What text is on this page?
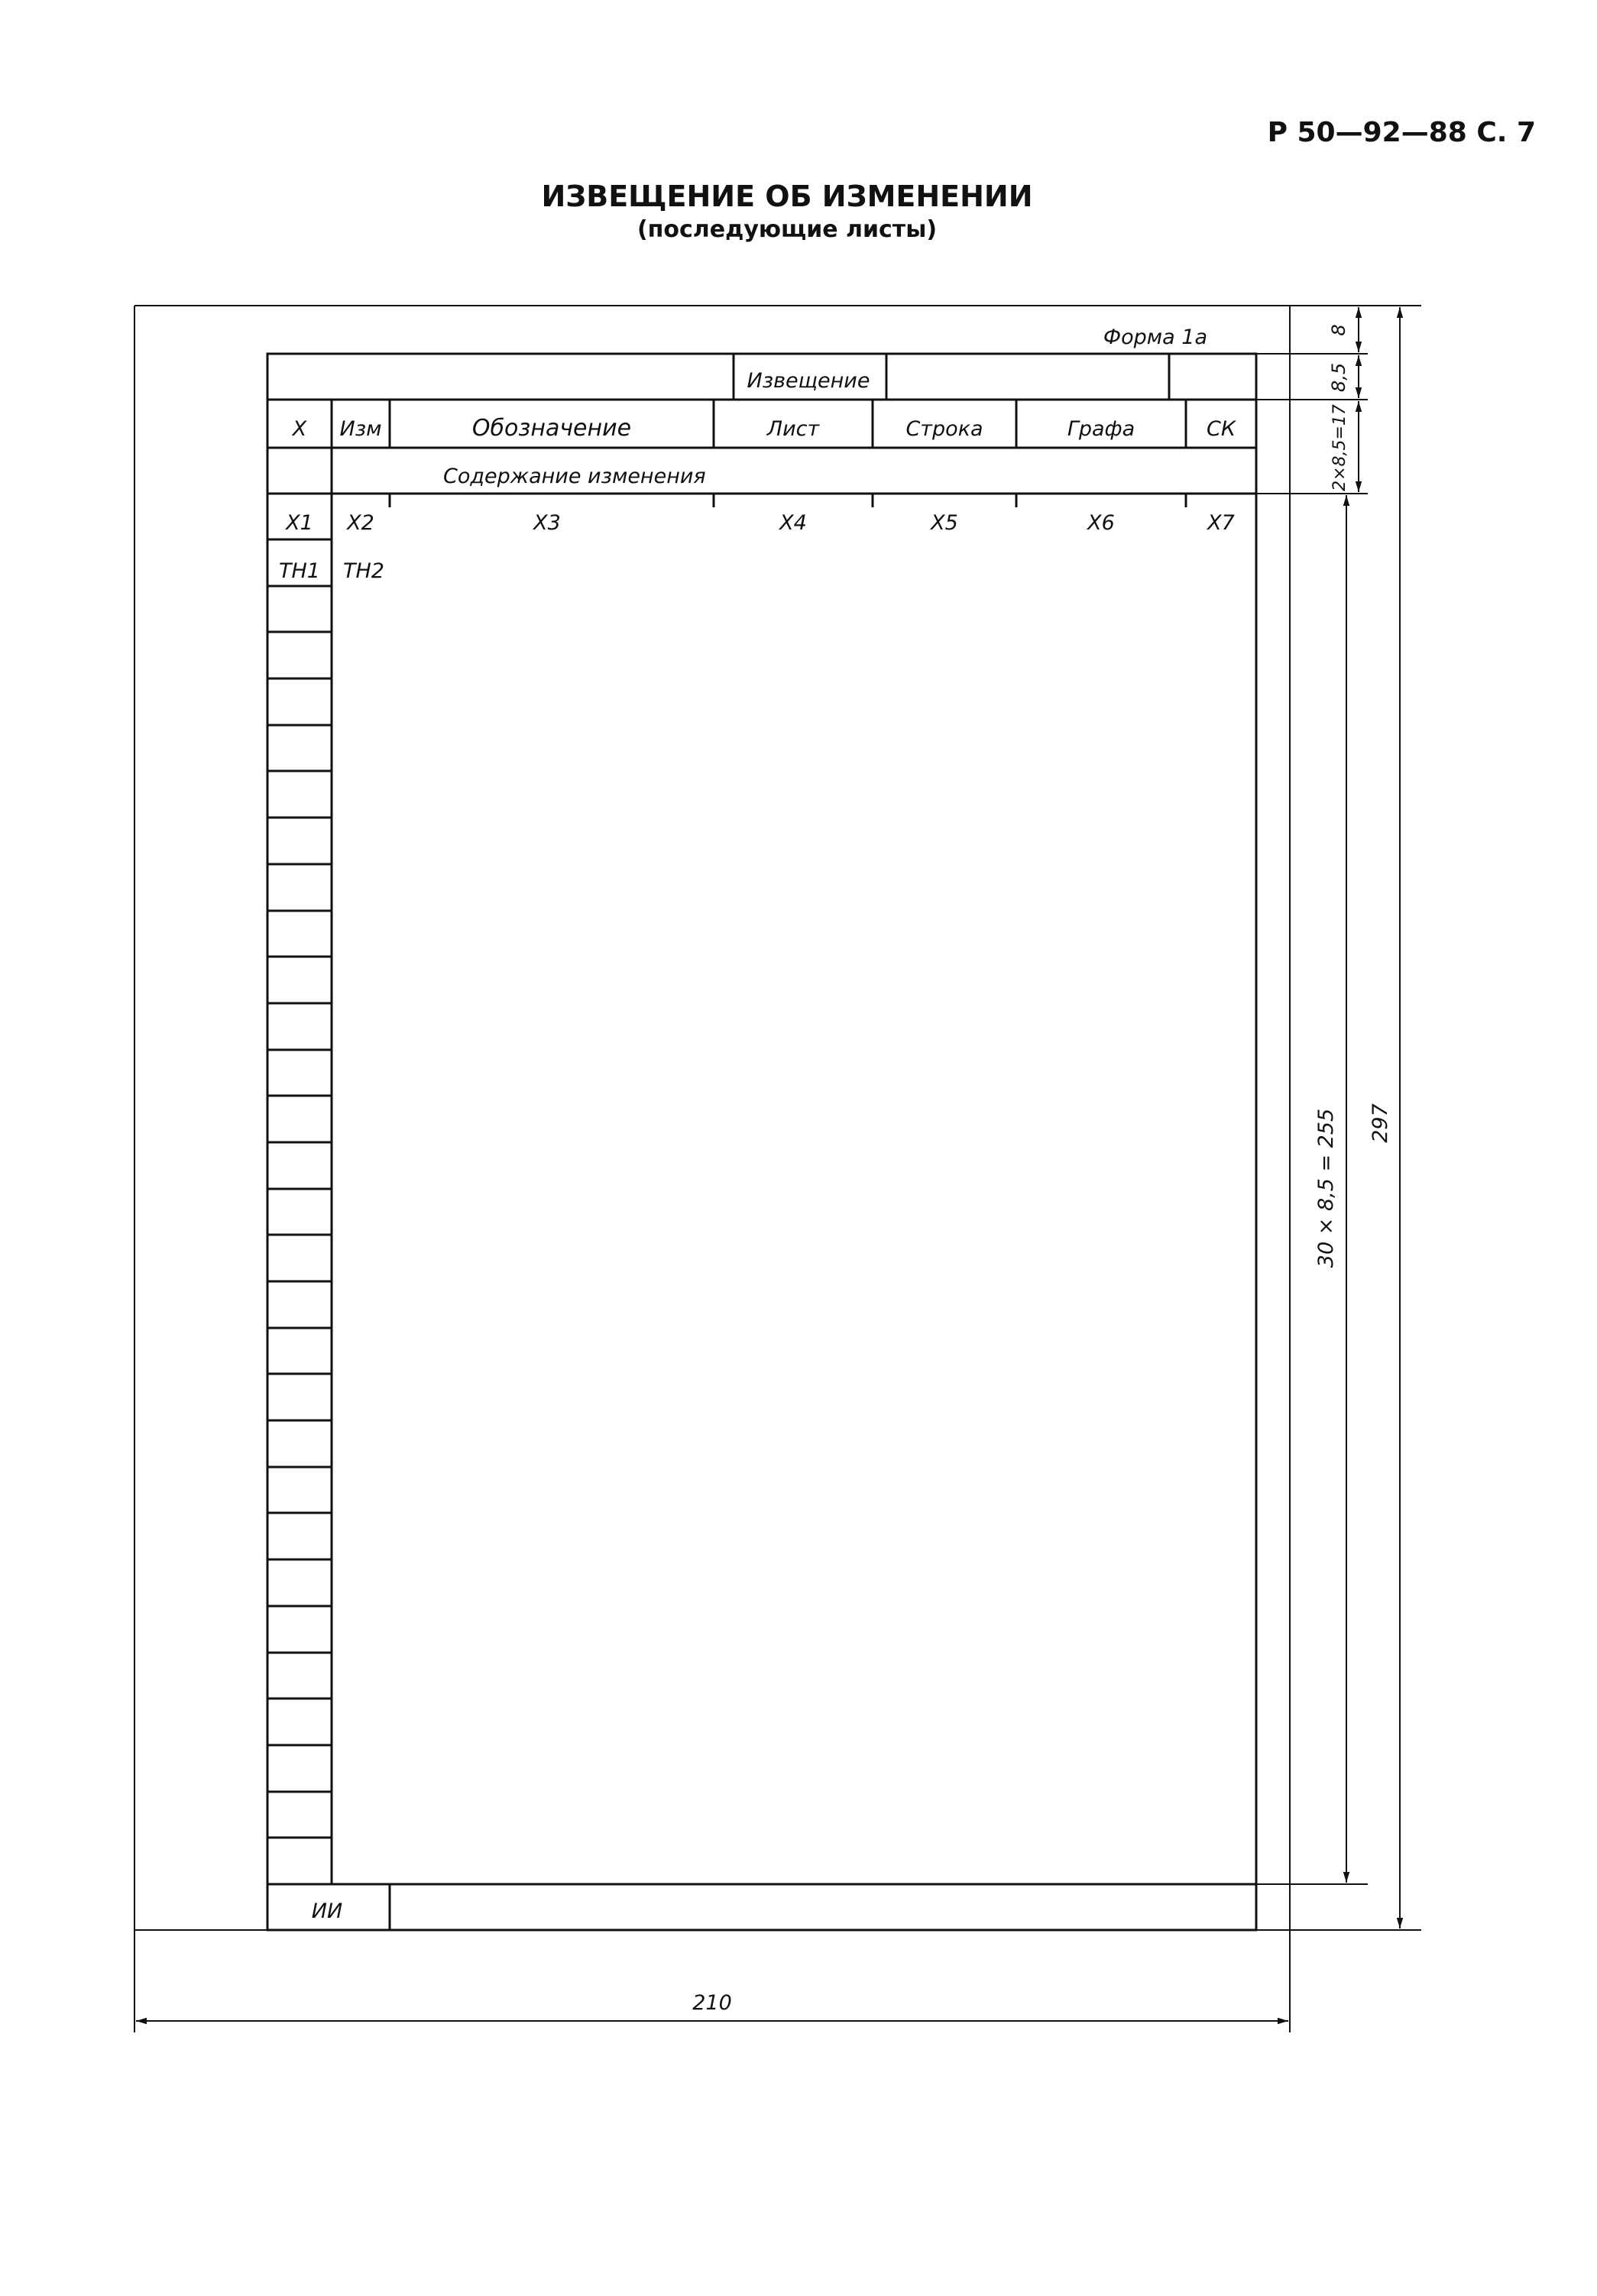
Р 50—92—88 С. 7
ИЗВЕЩЕНИЕ ОБ ИЗМЕНЕНИИ
(последующие листы)
Форма 1а
Извещение
X Изм	Обозначение	Лист	Строка	Графа	СК
Содержание изменения
X1 X2	X3	X4	X5	X6	X7
ТН1 ТН2
ИИ
8
8,5
2×8,5=17
30 × 8,5 = 255 297
210
